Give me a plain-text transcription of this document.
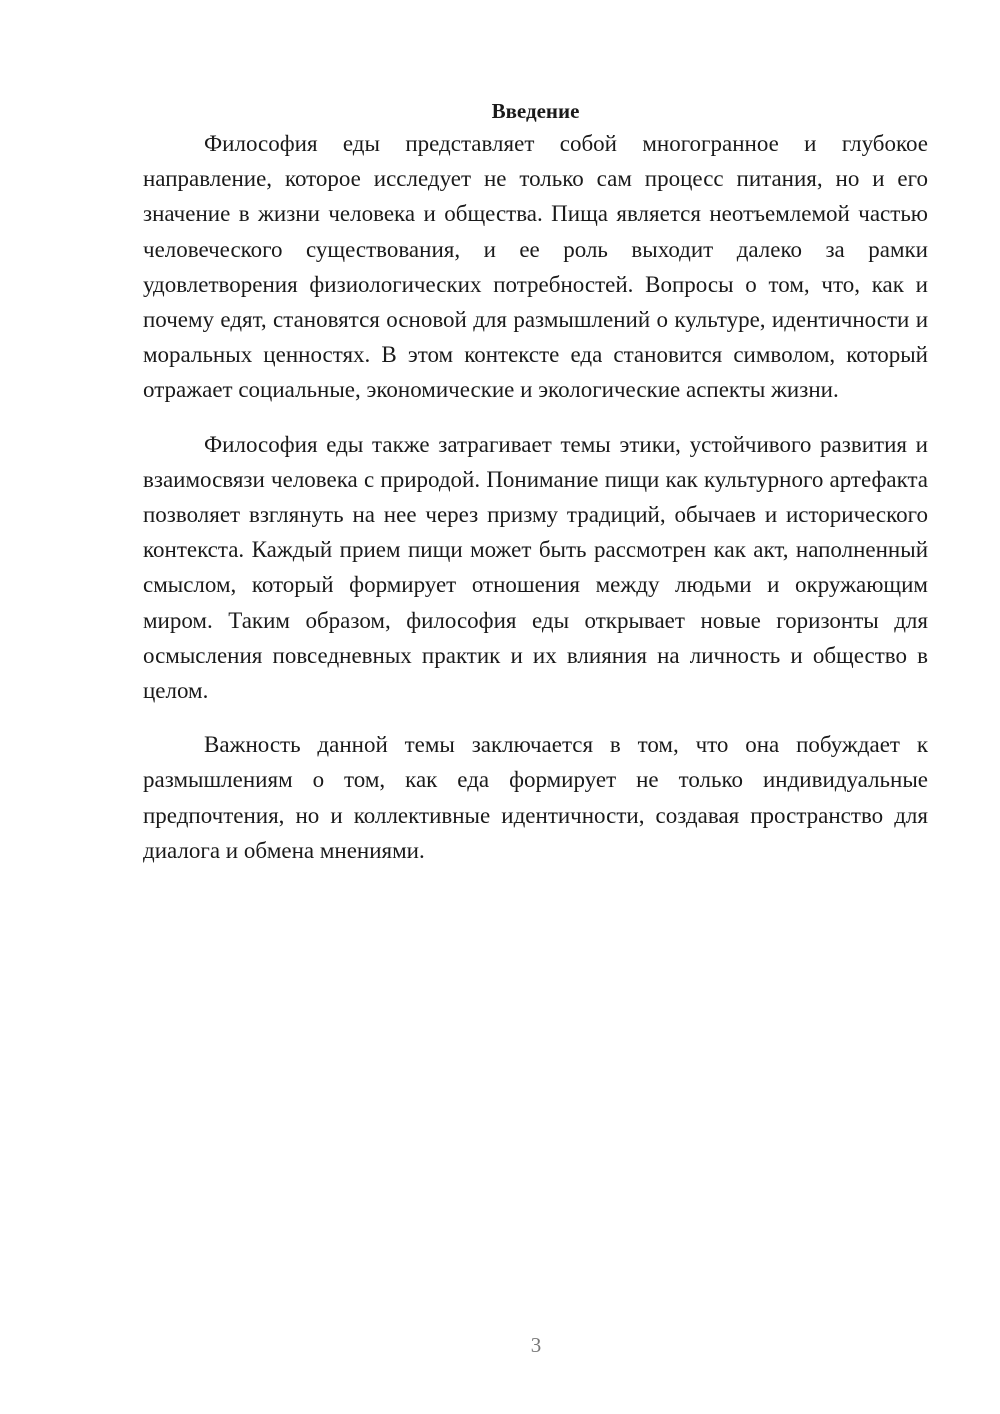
Введение

Философия еды представляет собой многогранное и глубокое направление, которое исследует не только сам процесс питания, но и его значение в жизни человека и общества. Пища является неотъемлемой частью человеческого существования, и ее роль выходит далеко за рамки удовлетворения физиологических потребностей. Вопросы о том, что, как и почему едят, становятся основой для размышлений о культуре, идентичности и моральных ценностях. В этом контексте еда становится символом, который отражает социальные, экономические и экологические аспекты жизни.

Философия еды также затрагивает темы этики, устойчивого развития и взаимосвязи человека с природой. Понимание пищи как культурного артефакта позволяет взглянуть на нее через призму традиций, обычаев и исторического контекста. Каждый прием пищи может быть рассмотрен как акт, наполненный смыслом, который формирует отношения между людьми и окружающим миром. Таким образом, философия еды открывает новые горизонты для осмысления повседневных практик и их влияния на личность и общество в целом.

Важность данной темы заключается в том, что она побуждает к размышлениям о том, как еда формирует не только индивидуальные предпочтения, но и коллективные идентичности, создавая пространство для диалога и обмена мнениями.

3
